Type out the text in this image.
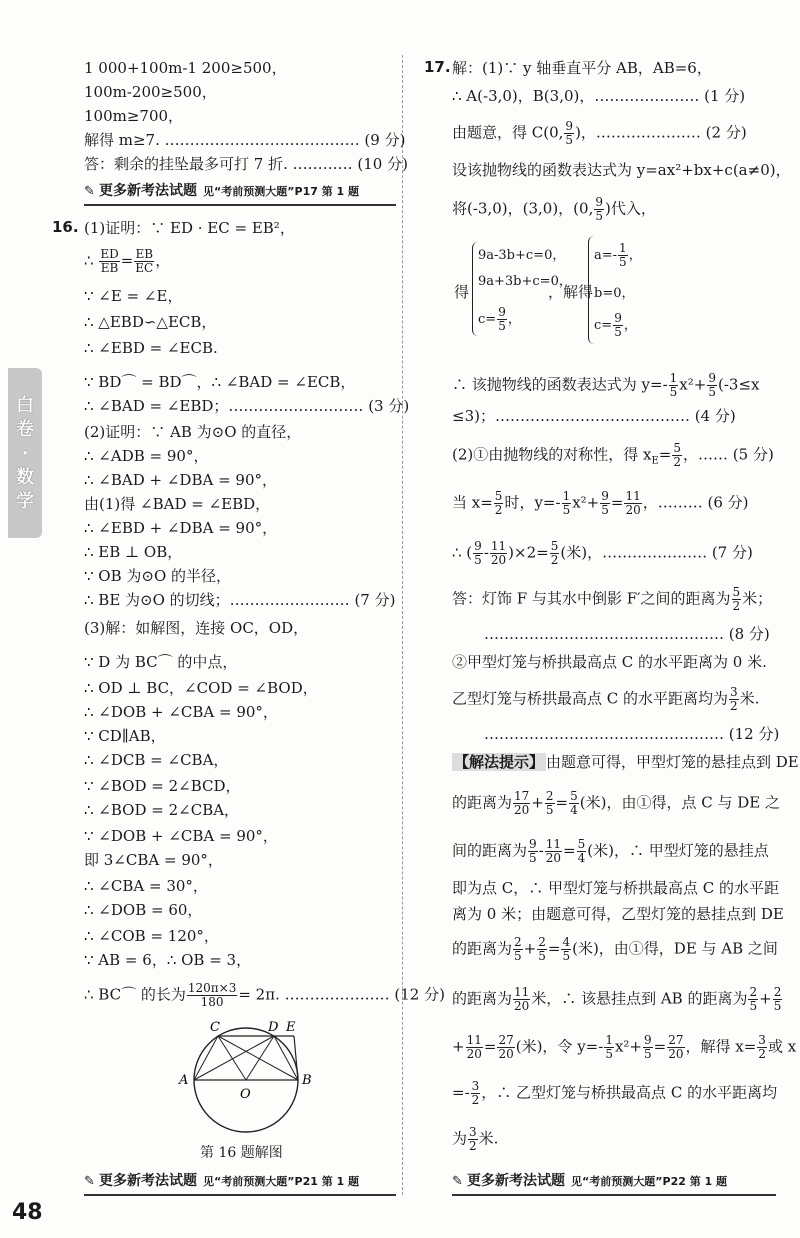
1 000+100m-1 200≥500，
100m-200≥500，
100m≥700，
解得 m≥7. ………………………………… (9 分)
答：剩余的挂坠最多可打 7 折. ………… (10 分)
✎ 更多新考法试题 见“考前预测大题”P17 第 1 题
16. (1)证明：∵ ED · EC = EB²，
∴ $\frac{ED}{EB} = \frac{EB}{EC}$ ，
∵ ∠E = ∠E，
∴ △EBD∽△ECB，
∴ ∠EBD = ∠ECB.
∵ BD⌒ = BD⌒，∴ ∠BAD = ∠ECB，
∴ ∠BAD = ∠EBD；……………………… (3 分)
(2)证明：∵ AB 为⊙O 的直径，
∴ ∠ADB = 90°，
∴ ∠BAD + ∠DBA = 90°，
由(1)得 ∠BAD = ∠EBD，
∴ ∠EBD + ∠DBA = 90°，
∴ EB ⊥ OB，
∵ OB 为⊙O 的半径，
∴ BE 为⊙O 的切线；…………………… (7 分)
(3)解：如解图，连接 OC，OD，
∵ D 为 BC⌒ 的中点，
∴ OD ⊥ BC，∠COD = ∠BOD，
∴ ∠DOB + ∠CBA = 90°，
∵ CD∥AB，
∴ ∠DCB = ∠CBA，
∵ ∠BOD = 2∠BCD，
∴ ∠BOD = 2∠CBA，
∵ ∠DOB + ∠CBA = 90°，
即 3∠CBA = 90°，
∴ ∠CBA = 30°，
∴ ∠DOB = 60，
∴ ∠COB = 120°，
∵ AB = 6，∴ OB = 3，
∴ BC⌒ 的长为 $\frac{120\pi\times 3}{180} = 2\pi$. ………………… (12 分)
C	D E
A
O
B
第 16 题解图
✎ 更多新考法试题 见“考前预测大题”P21 第 1 题
白卷·数学
48
17. 解：(1)∵ y 轴垂直平分 AB，AB=6，
∴ A(-3,0)，B(3,0)，………………… (1 分)
由题意，得 C(0, $\frac{9}{5}$ )，………………… (2 分)
设该抛物线的函数表达式为 y=ax²+bx+c(a≠0)，
将(-3,0)，(3,0)，(0, $\frac{9}{5}$ )代入，
得
9a-3b+c=0，
9a+3b+c=0，
$c= \frac{9}{5}$ ，
，解得
$a=- \frac{1}{5}$ ，
b=0，
$c= \frac{9}{5}$ ，
∴ 该抛物线的函数表达式为 $y=- \frac{1}{5} x^2+ \frac{9}{5} (-3\le x$
≤3)；………………………………… (4 分)
(2)①由抛物线的对称性，得 $x_E= \frac{5}{2}$ ，…… (5 分)
当 $x= \frac{5}{2}$ 时，$y=- \frac{1}{5} x^2+ \frac{9}{5} = \frac{11}{20}$ ，……… (6 分)
∴ ( $\frac{9}{5} - \frac{11}{20} )\times 2= \frac{5}{2}$ (米)，………………… (7 分)
答：灯饰 F 与其水中倒影 F′之间的距离为 $\frac{5}{2}$ 米；
………………………………………… (8 分)
②甲型灯笼与桥拱最高点 C 的水平距离为 0 米.
乙型灯笼与桥拱最高点 C 的水平距离均为 $\frac{3}{2}$ 米.
………………………………………… (12 分)
【解法提示】 由题意可得，甲型灯笼的悬挂点到 DE
的距离为 $\frac{17}{20} + \frac{2}{5} = \frac{5}{4}$ (米)，由①得，点 C 与 DE 之
间的距离为 $\frac{9}{5} - \frac{11}{20} = \frac{5}{4}$ (米)，∴ 甲型灯笼的悬挂点
即为点 C，∴ 甲型灯笼与桥拱最高点 C 的水平距
离为 0 米；由题意可得，乙型灯笼的悬挂点到 DE
的距离为 $\frac{2}{5} + \frac{2}{5} = \frac{4}{5}$ (米)，由①得，DE 与 AB 之间
的距离为 $\frac{11}{20}$ 米，∴ 该悬挂点到 AB 的距离为 $\frac{2}{5} + \frac{2}{5}$
+ $\frac{11}{20} = \frac{27}{20}$ (米)，令 $y=- \frac{1}{5} x^2+ \frac{9}{5} = \frac{27}{20}$ ，解得 $x= \frac{3}{2}$ 或 x
=- $\frac{3}{2}$ ，∴ 乙型灯笼与桥拱最高点 C 的水平距离均
为 $\frac{3}{2}$ 米.
✎ 更多新考法试题 见“考前预测大题”P22 第 1 题
